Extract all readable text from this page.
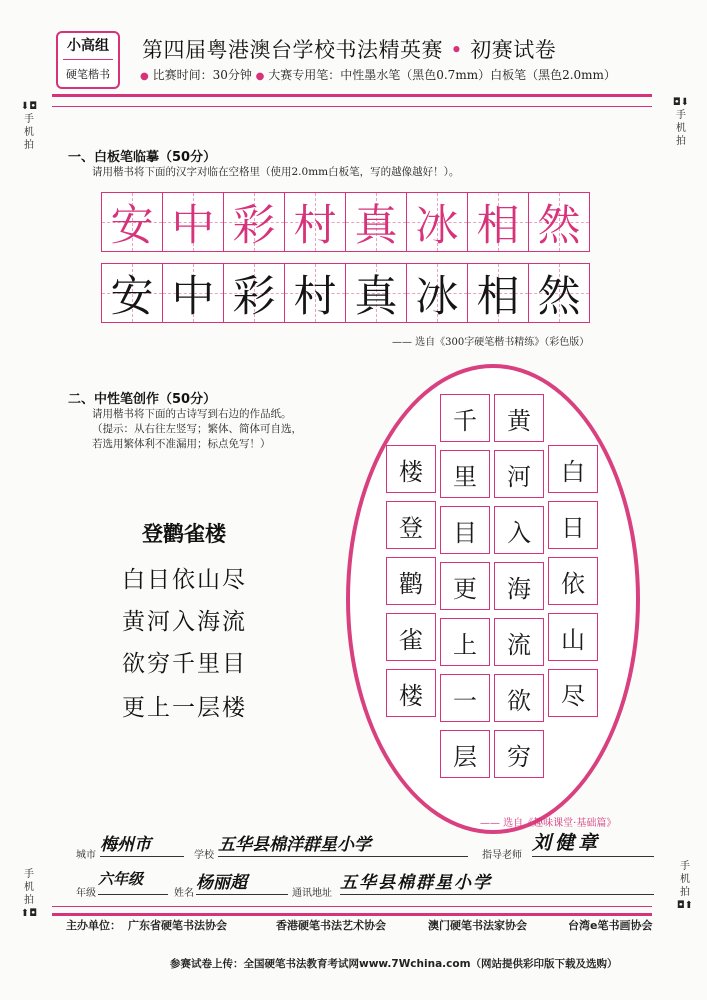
小高组
硬笔楷书
第四届粤港澳台学校书法精英赛 • 初赛试卷
● 比赛时间：30分钟 ● 大赛专用笔：中性墨水笔（黑色0.7mm）白板笔（黑色2.0mm）
⬇◘
手机拍
◘⬇
手机拍
手机拍
⬆◘
手机拍
◘⬆
一、白板笔临摹（50分）
请用楷书将下面的汉字对临在空格里（使用2.0mm白板笔，写的越像越好！）。
安 中 彩 村 真 冰 相 然
安 中 彩 村 真 冰 相 然
—— 选自《300字硬笔楷书精练》（彩色版）
二、中性笔创作（50分）
请用楷书将下面的古诗写到右边的作品纸。
（提示：从右往左竖写；繁体、简体可自选，
若选用繁体利不准漏用；标点免写！）
登鹳雀楼
白日依山尽
黄河入海流
欲穷千里目
更上一层楼
白
日
依
山
尽
黄
河
入
海
流
欲
穷
千
里
目
更
上
一
层
楼
登
鹳
雀
楼
—— 选自《趣味课堂·基础篇》
城市
梅州市
学校
五华县棉洋群星小学
指导老师
刘健章
年级
六年级
姓名
杨丽超
通讯地址
五华县棉群星小学
主办单位： 广东省硬笔书法协会	香港硬笔书法艺术协会	澳门硬笔书法家协会	台湾e笔书画协会
参赛试卷上传：全国硬笔书法教育考试网www.7Wchina.com（网站提供彩印版下载及选购）
